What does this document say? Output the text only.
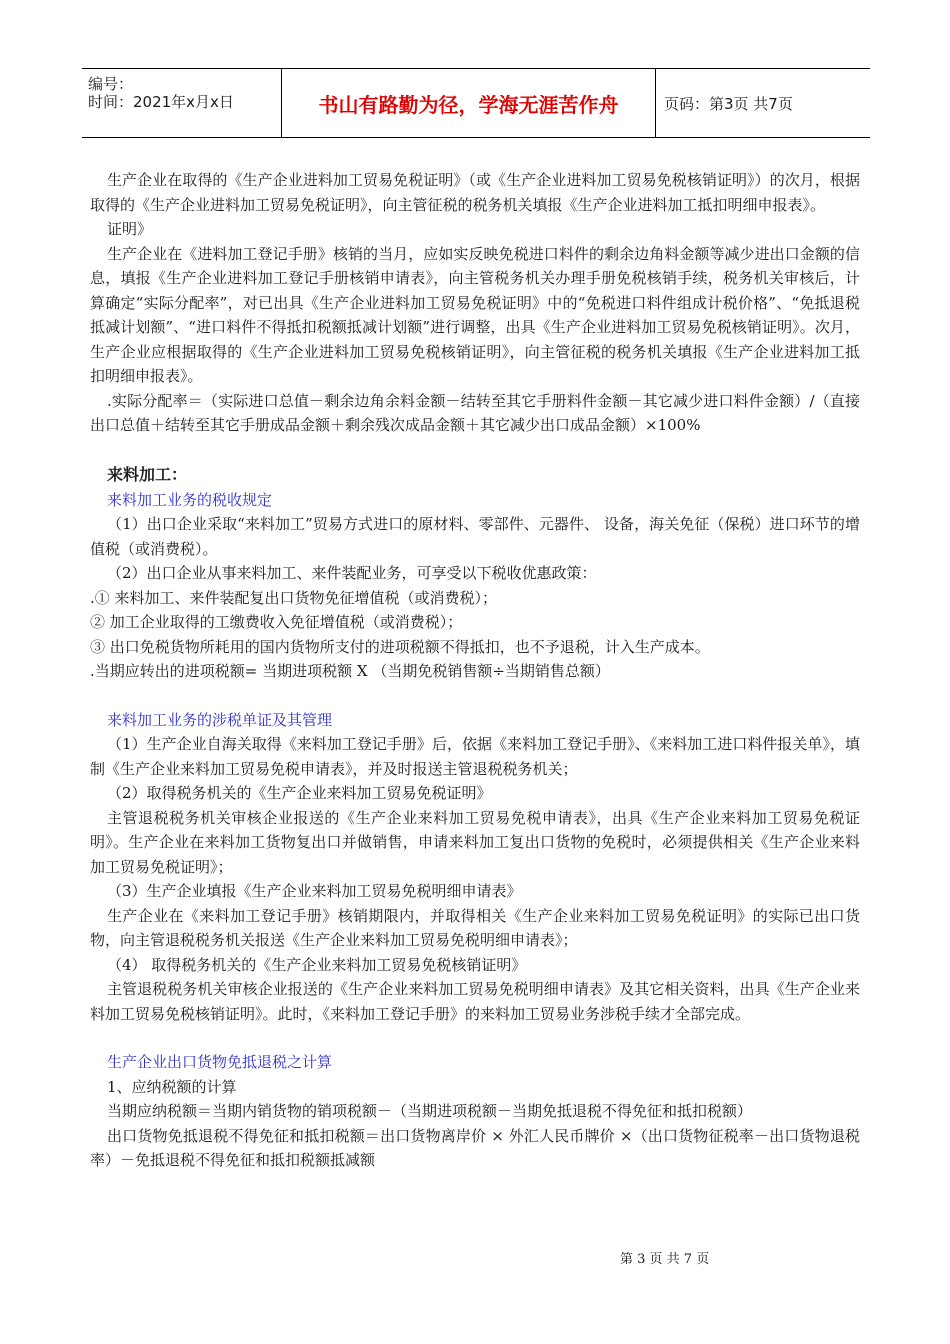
编号：
时间：2021年x月x日	书山有路勤为径，学海无涯苦作舟	页码：第3页 共7页

生产企业在取得的《生产企业进料加工贸易免税证明》（或《生产企业进料加工贸易免税核销证明》）的次月，根据取得的《生产企业进料加工贸易免税证明》，向主管征税的税务机关填报《生产企业进料加工抵扣明细申报表》。

证明》

生产企业在《进料加工登记手册》核销的当月，应如实反映免税进口料件的剩余边角料金额等减少进出口金额的信息，填报《生产企业进料加工登记手册核销申请表》，向主管税务机关办理手册免税核销手续，税务机关审核后，计算确定“实际分配率”，对已出具《生产企业进料加工贸易免税证明》中的“免税进口料件组成计税价格”、“免抵退税抵减计划额”、“进口料件不得抵扣税额抵减计划额”进行调整，出具《生产企业进料加工贸易免税核销证明》。次月，生产企业应根据取得的《生产企业进料加工贸易免税核销证明》，向主管征税的税务机关填报《生产企业进料加工抵扣明细申报表》。

.实际分配率＝（实际进口总值－剩余边角余料金额－结转至其它手册料件金额－其它减少进口料件金额）/（直接出口总值＋结转至其它手册成品金额＋剩余残次成品金额＋其它减少出口成品金额）×100%

来料加工：

来料加工业务的税收规定

（1）出口企业采取“来料加工”贸易方式进口的原材料、零部件、元器件、 设备，海关免征（保税）进口环节的增值税（或消费税）。

（2）出口企业从事来料加工、来件装配业务，可享受以下税收优惠政策：

.① 来料加工、来件装配复出口货物免征增值税（或消费税）；

② 加工企业取得的工缴费收入免征增值税（或消费税）；

③ 出口免税货物所耗用的国内货物所支付的进项税额不得抵扣，也不予退税，计入生产成本。

.当期应转出的进项税额= 当期进项税额 X （当期免税销售额÷当期销售总额）

来料加工业务的涉税单证及其管理

（1）生产企业自海关取得《来料加工登记手册》后，依据《来料加工登记手册》、《来料加工进口料件报关单》，填制《生产企业来料加工贸易免税申请表》，并及时报送主管退税税务机关；

（2）取得税务机关的《生产企业来料加工贸易免税证明》

主管退税税务机关审核企业报送的《生产企业来料加工贸易免税申请表》，出具《生产企业来料加工贸易免税证明》。生产企业在来料加工货物复出口并做销售，申请来料加工复出口货物的免税时，必须提供相关《生产企业来料加工贸易免税证明》；

（3）生产企业填报《生产企业来料加工贸易免税明细申请表》

生产企业在《来料加工登记手册》核销期限内，并取得相关《生产企业来料加工贸易免税证明》的实际已出口货物，向主管退税税务机关报送《生产企业来料加工贸易免税明细申请表》；

（4） 取得税务机关的《生产企业来料加工贸易免税核销证明》

主管退税税务机关审核企业报送的《生产企业来料加工贸易免税明细申请表》及其它相关资料，出具《生产企业来料加工贸易免税核销证明》。此时，《来料加工登记手册》的来料加工贸易业务涉税手续才全部完成。

生产企业出口货物免抵退税之计算

1、应纳税额的计算

当期应纳税额＝当期内销货物的销项税额－（当期进项税额－当期免抵退税不得免征和抵扣税额）

出口货物免抵退税不得免征和抵扣税额＝出口货物离岸价 × 外汇人民币牌价 ×（出口货物征税率－出口货物退税率）－免抵退税不得免征和抵扣税额抵减额

第 3 页 共 7 页
